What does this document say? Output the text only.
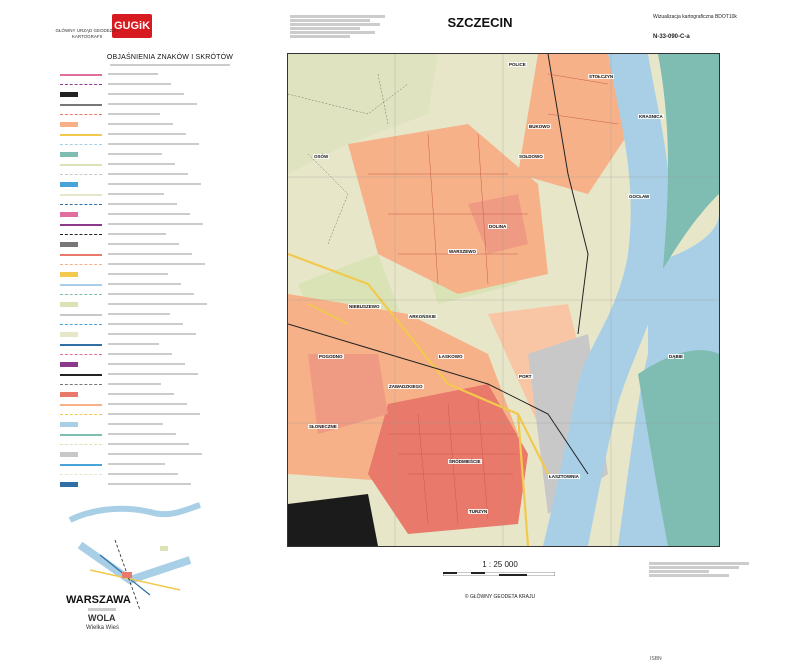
GUGiK
GŁÓWNY URZĄD GEODEZJI I KARTOGRAFII
SZCZECIN	Wizualizacja kartograficzna BDOT10k
N-33-090-C-a
OBJAŚNIENIA ZNAKÓW I SKRÓTÓW
WARSZAWA
WOLA
Wielka Wieś
POLICE
STOŁCZYN
KRASNICA
BUKOWO
SOŁDOWO
WARSZEWO
GOCŁAW
OSÓW
DOLINA
ARKOŃSKIE
NIEBUSZEWO
ŁASKOWO
ZAWADZKIEGO
SŁONECZNE
POGODNO
ŚRÓDMIEŚCIE
PORT
ŁASZTOWNIA
TURZYN
DĄBIE
1 : 25 000
© GŁÓWNY GEODETA KRAJU
ISBN
